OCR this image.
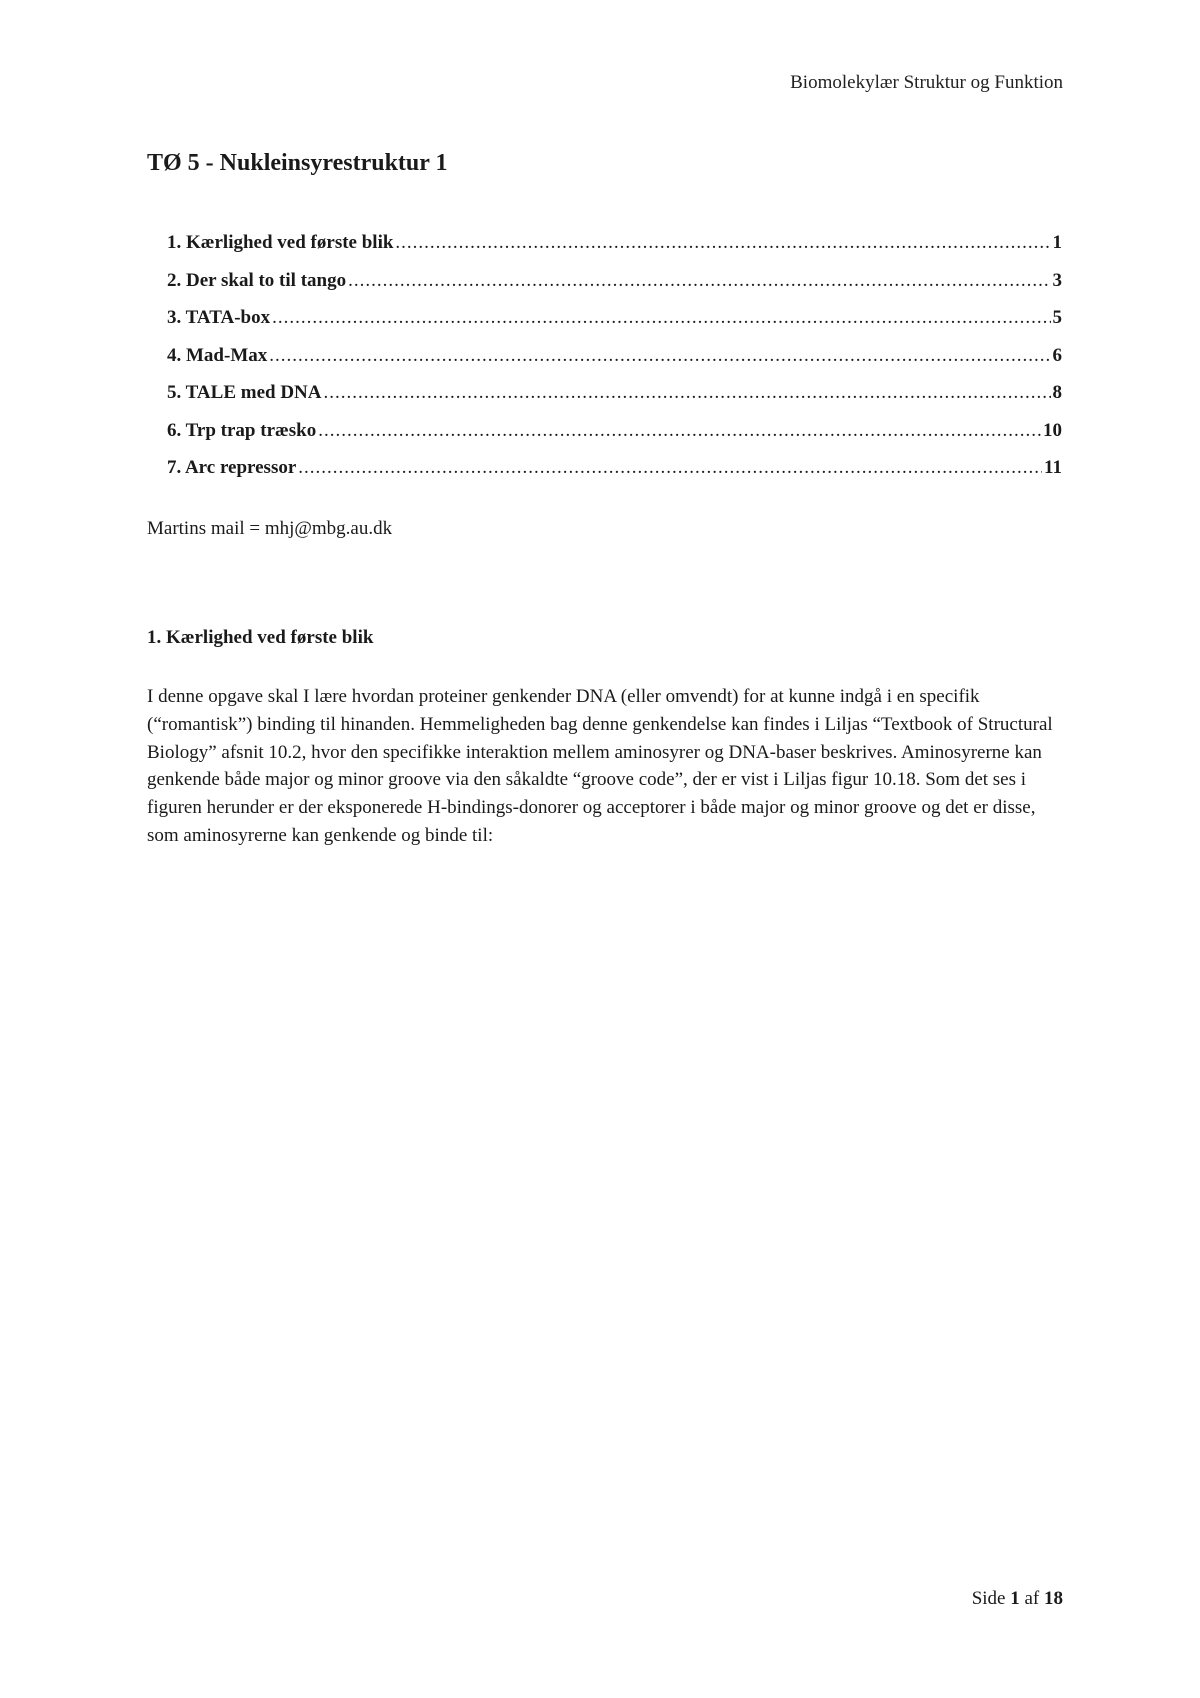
Biomolekylær Struktur og Funktion
TØ 5 - Nukleinsyrestruktur 1
1. Kærlighed ved første blik .....	1
2. Der skal to til tango .....	3
3. TATA-box .....	5
4. Mad-Max .....	6
5. TALE med DNA .....	8
6. Trp trap træsko .....	10
7. Arc repressor .....	11

Martins mail = mhj@mbg.au.dk

1. Kærlighed ved første blik

I denne opgave skal I lære hvordan proteiner genkender DNA (eller omvendt) for at kunne indgå i en specifik (“romantisk”) binding til hinanden. Hemmeligheden bag denne genkendelse kan findes i Liljas “Textbook of Structural Biology” afsnit 10.2, hvor den specifikke interaktion mellem aminosyrer og DNA-baser beskrives. Aminosyrerne kan genkende både major og minor groove via den såkaldte “groove code”, der er vist i Liljas figur 10.18. Som det ses i figuren herunder er der eksponerede H-bindings-donorer og acceptorer i både major og minor groove og det er disse, som aminosyrerne kan genkende og binde til:

Side 1 af 18
